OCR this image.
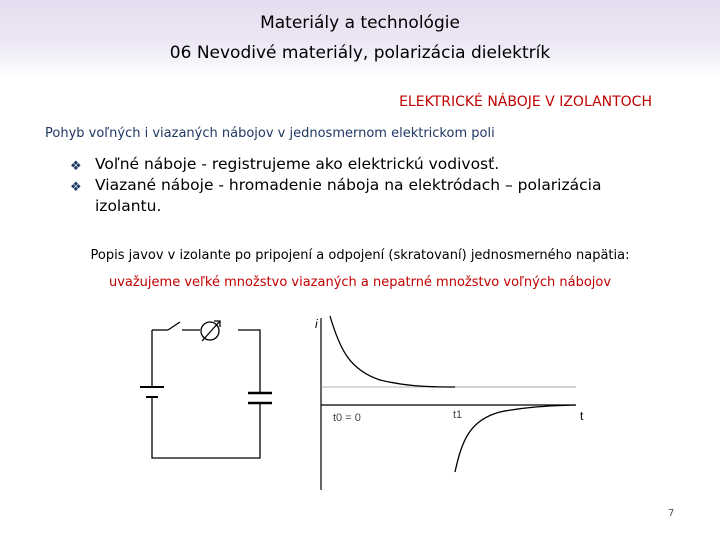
Materiály a technológie
06 Nevodivé materiály, polarizácia dielektrík
ELEKTRICKÉ NÁBOJE V IZOLANTOCH
Pohyb voľných i viazaných nábojov v jednosmernom elektrickom poli
❖ Voľné náboje - registrujeme ako elektrickú vodivosť.
❖ Viazané náboje - hromadenie náboja na elektródach – polarizácia izolantu.
Popis javov v izolante po pripojení a odpojení (skratovaní) jednosmerného napätia:
uvažujeme veľké množstvo viazaných a nepatrné množstvo voľných nábojov
i
t
t0 = 0	t1
7
